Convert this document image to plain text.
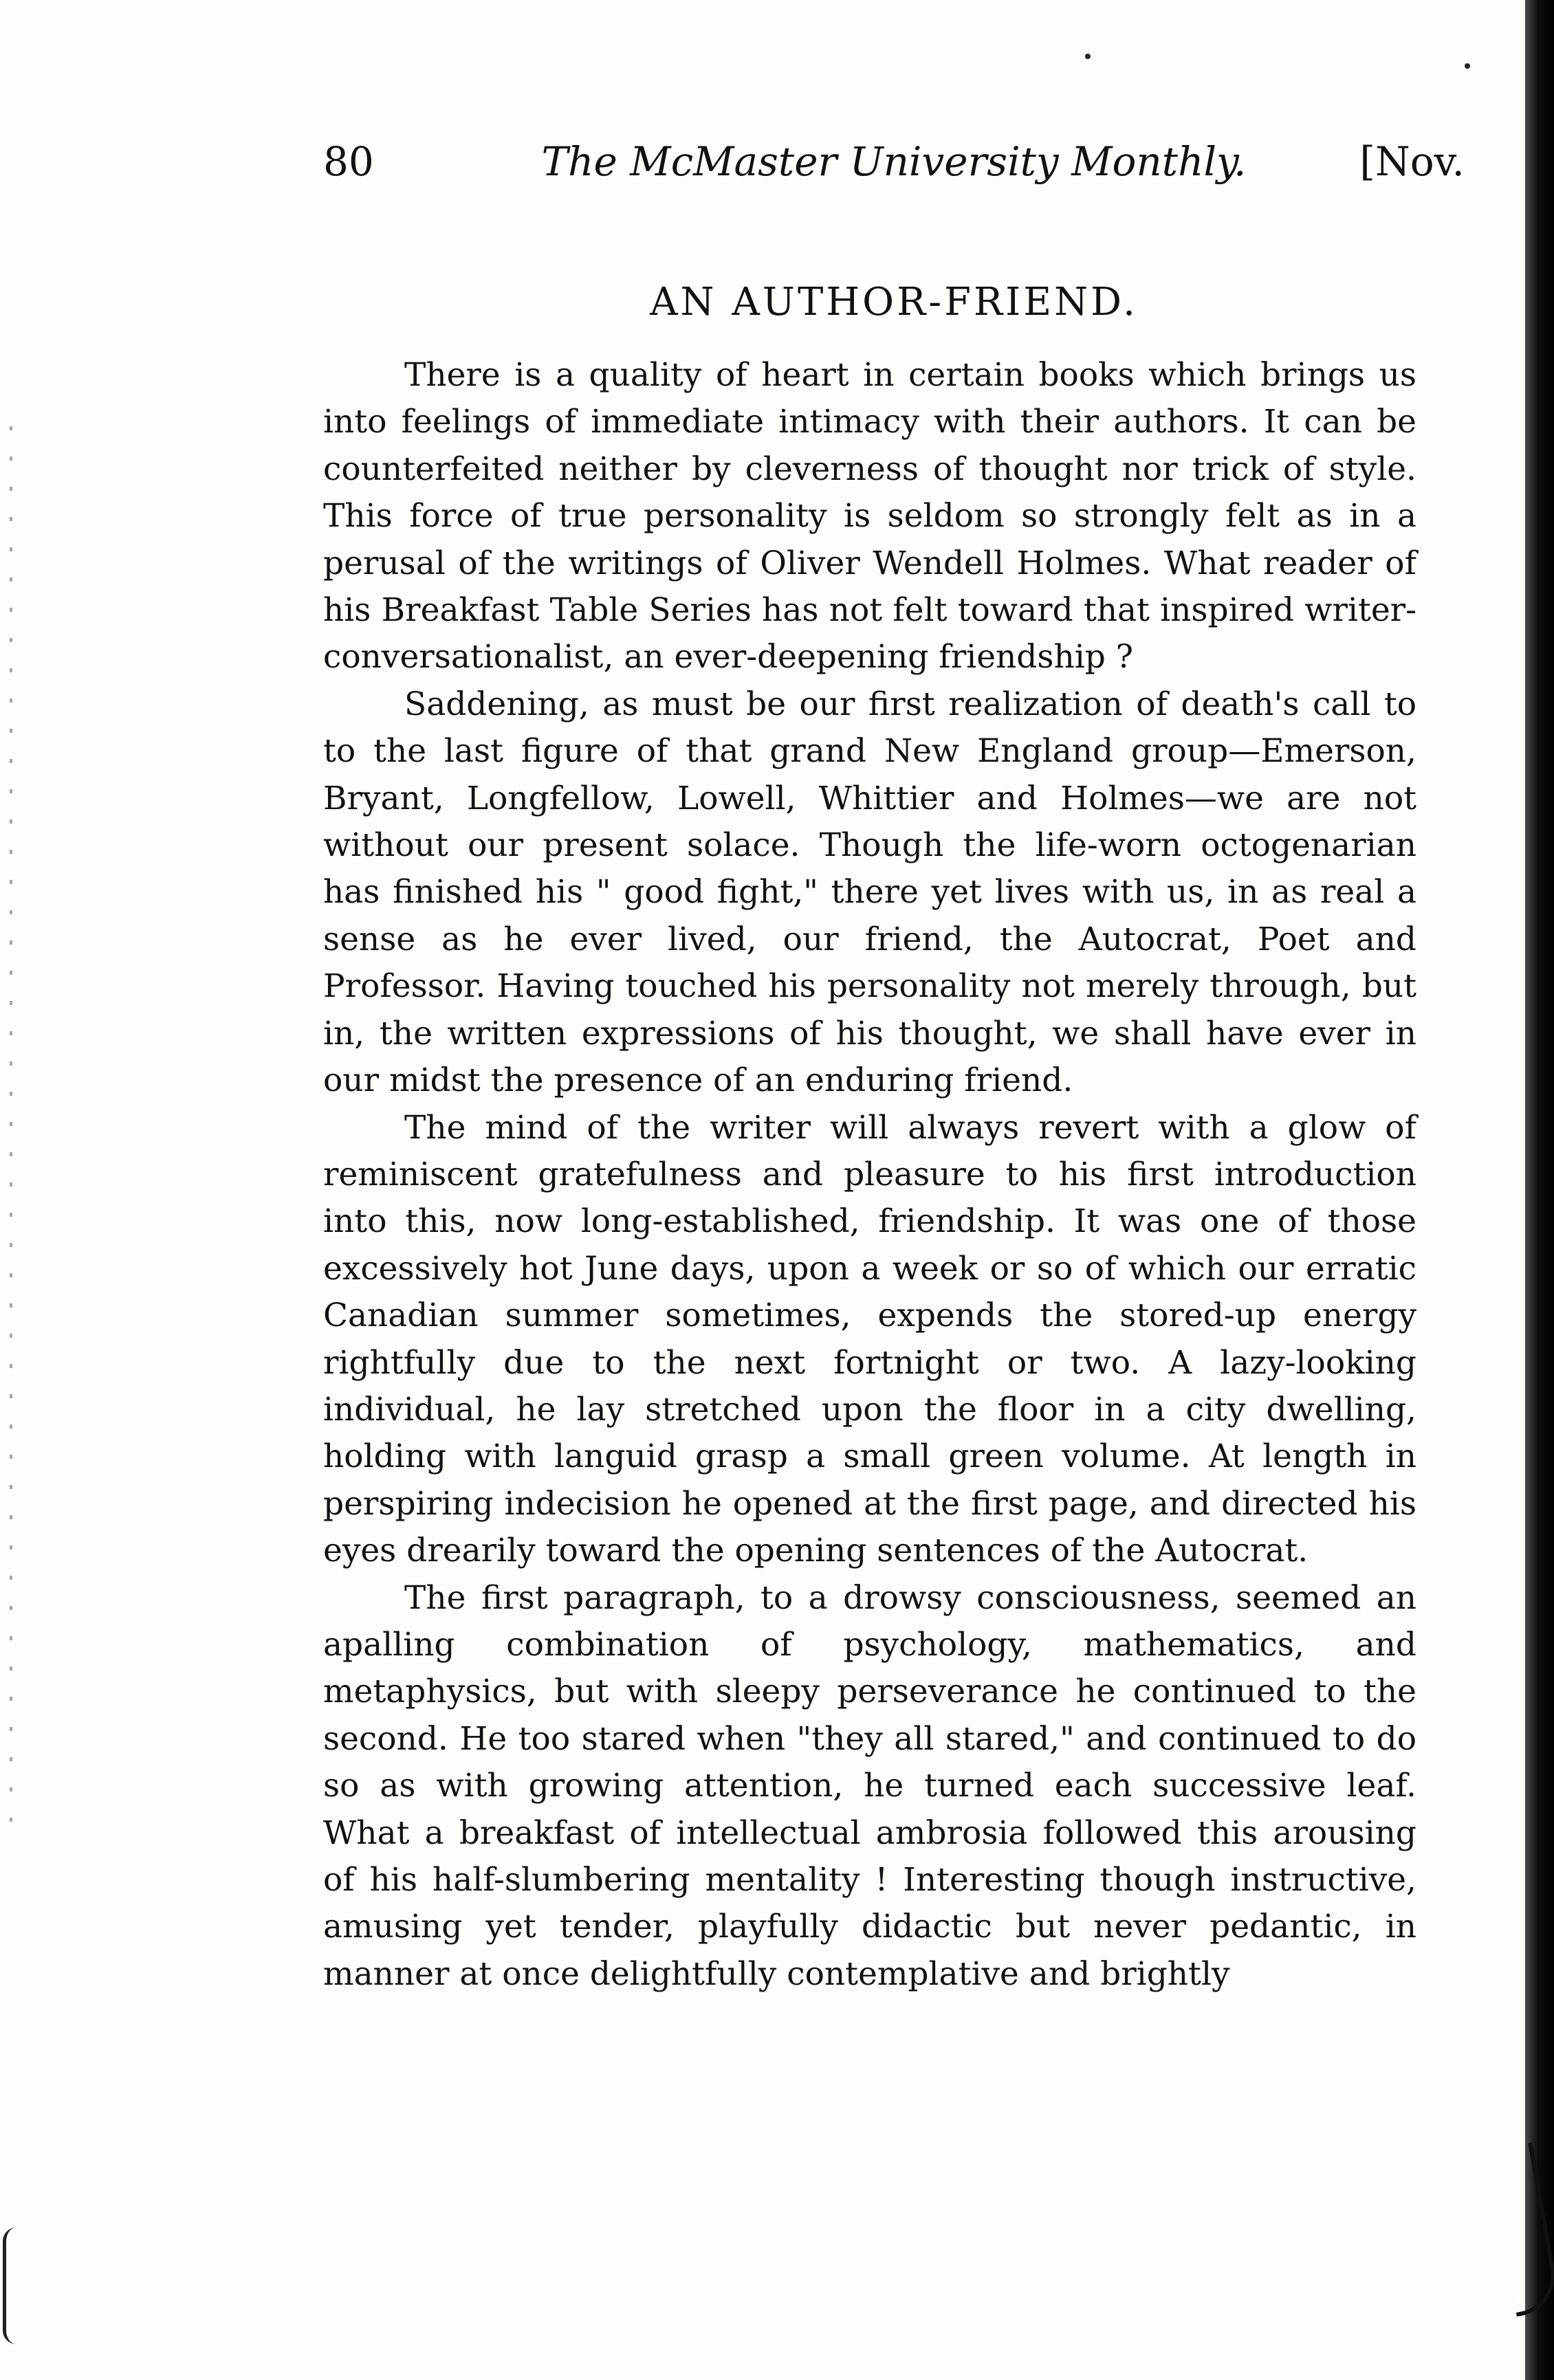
80	The McMaster University Monthly.	[Nov.
AN AUTHOR-FRIEND.

There is a quality of heart in certain books which brings us into feelings of immediate intimacy with their authors. It can be counterfeited neither by cleverness of thought nor trick of style. This force of true personality is seldom so strongly felt as in a perusal of the writings of Oliver Wendell Holmes. What reader of his Breakfast Table Series has not felt toward that inspired writer-conversationalist, an ever-deepening friendship ?

Saddening, as must be our first realization of death's call to to the last figure of that grand New England group—Emerson, Bryant, Longfellow, Lowell, Whittier and Holmes—we are not without our present solace. Though the life-worn octogenarian has finished his " good fight," there yet lives with us, in as real a sense as he ever lived, our friend, the Autocrat, Poet and Professor. Having touched his personality not merely through, but in, the written expressions of his thought, we shall have ever in our midst the presence of an enduring friend.

The mind of the writer will always revert with a glow of reminiscent gratefulness and pleasure to his first introduction into this, now long-established, friendship. It was one of those excessively hot June days, upon a week or so of which our erratic Canadian summer sometimes, expends the stored-up energy rightfully due to the next fortnight or two. A lazy-looking individual, he lay stretched upon the floor in a city dwelling, holding with languid grasp a small green volume. At length in perspiring indecision he opened at the first page, and directed his eyes drearily toward the opening sentences of the Autocrat.

The first paragraph, to a drowsy consciousness, seemed an apalling combination of psychology, mathematics, and metaphysics, but with sleepy perseverance he continued to the second. He too stared when "they all stared," and continued to do so as with growing attention, he turned each successive leaf. What a breakfast of intellectual ambrosia followed this arousing of his half-slumbering mentality ! Interesting though instructive, amusing yet tender, playfully didactic but never pedantic, in manner at once delightfully contemplative and brightly
